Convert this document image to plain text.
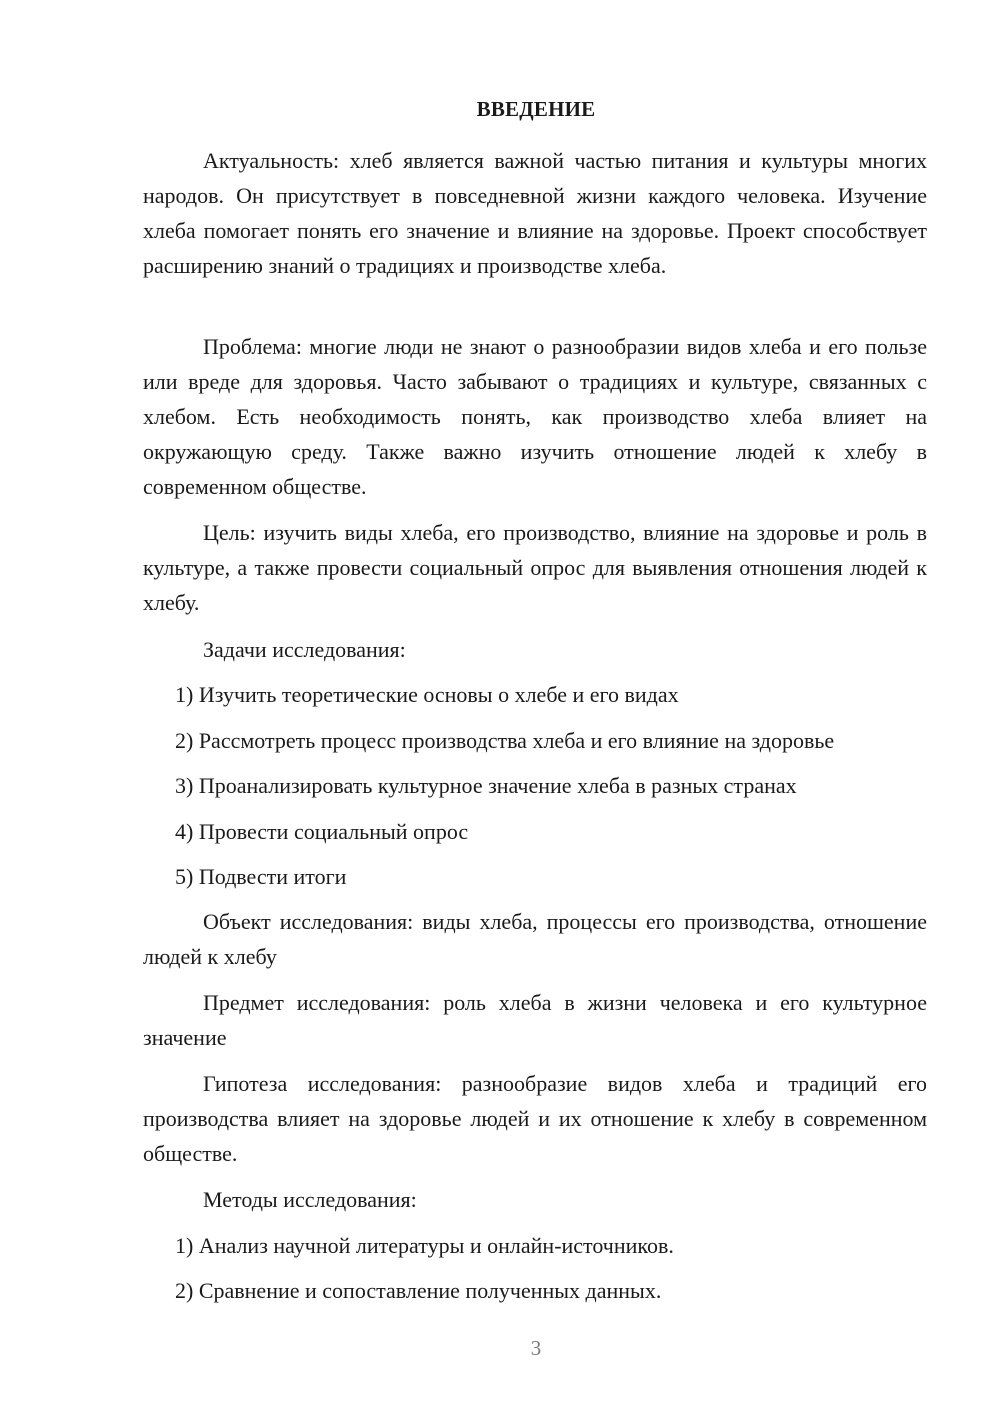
ВВЕДЕНИЕ

Актуальность: хлеб является важной частью питания и культуры многих народов. Он присутствует в повседневной жизни каждого человека. Изучение хлеба помогает понять его значение и влияние на здоровье. Проект способствует расширению знаний о традициях и производстве хлеба.

Проблема: многие люди не знают о разнообразии видов хлеба и его пользе или вреде для здоровья. Часто забывают о традициях и культуре, связанных с хлебом. Есть необходимость понять, как производство хлеба влияет на окружающую среду. Также важно изучить отношение людей к хлебу в современном обществе.

Цель: изучить виды хлеба, его производство, влияние на здоровье и роль в культуре, а также провести социальный опрос для выявления отношения людей к хлебу.

Задачи исследования:

1) Изучить теоретические основы о хлебе и его видах

2) Рассмотреть процесс производства хлеба и его влияние на здоровье

3) Проанализировать культурное значение хлеба в разных странах

4) Провести социальный опрос

5) Подвести итоги

Объект исследования: виды хлеба, процессы его производства, отношение людей к хлебу

Предмет исследования: роль хлеба в жизни человека и его культурное значение

Гипотеза исследования: разнообразие видов хлеба и традиций его производства влияет на здоровье людей и их отношение к хлебу в современном обществе.

Методы исследования:

1) Анализ научной литературы и онлайн-источников.

2) Сравнение и сопоставление полученных данных.

3
